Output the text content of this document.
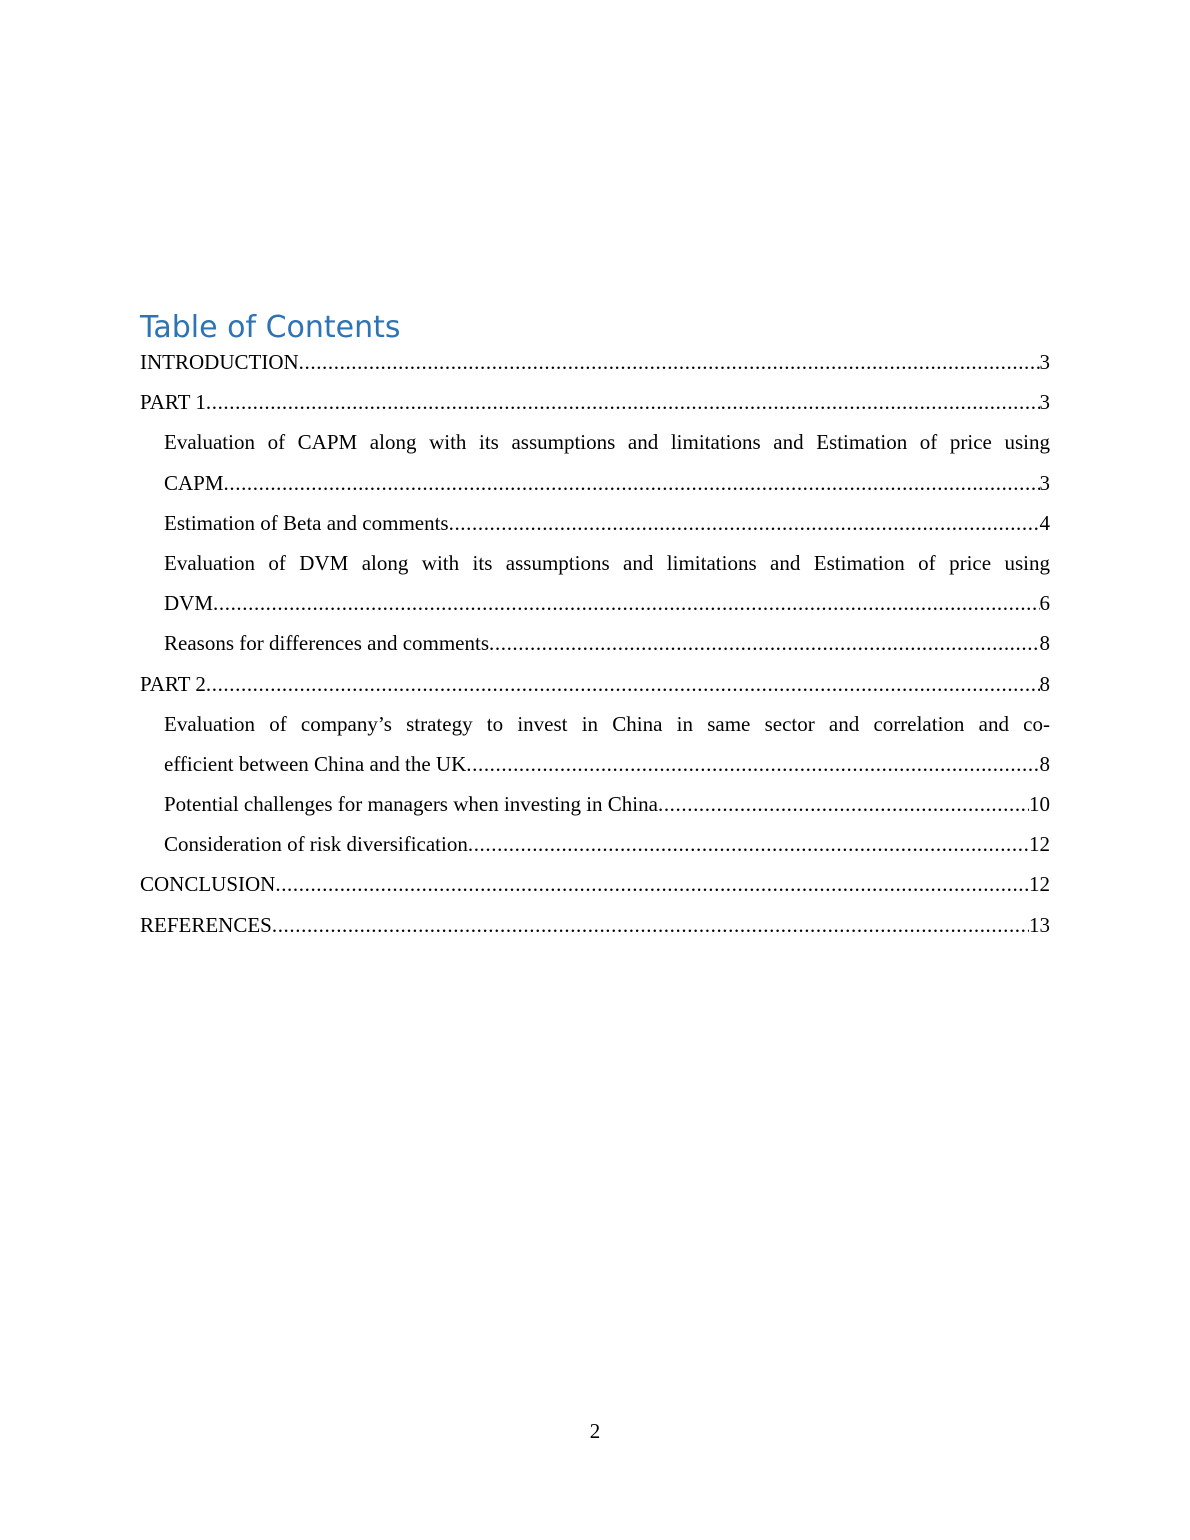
Table of Contents
INTRODUCTION .....	3
PART 1 .....	3
Evaluation of CAPM along with its assumptions and limitations and Estimation of price using
CAPM .....	3
Estimation of Beta and comments .....	4
Evaluation of DVM along with its assumptions and limitations and Estimation of price using
DVM .....	6
Reasons for differences and comments .....	8
PART 2 .....	8
Evaluation of company’s strategy to invest in China in same sector and correlation and co-
efficient between China and the UK .....	8
Potential challenges for managers when investing in China .....	10
Consideration of risk diversification .....	12
CONCLUSION .....	12
REFERENCES .....	13
2
